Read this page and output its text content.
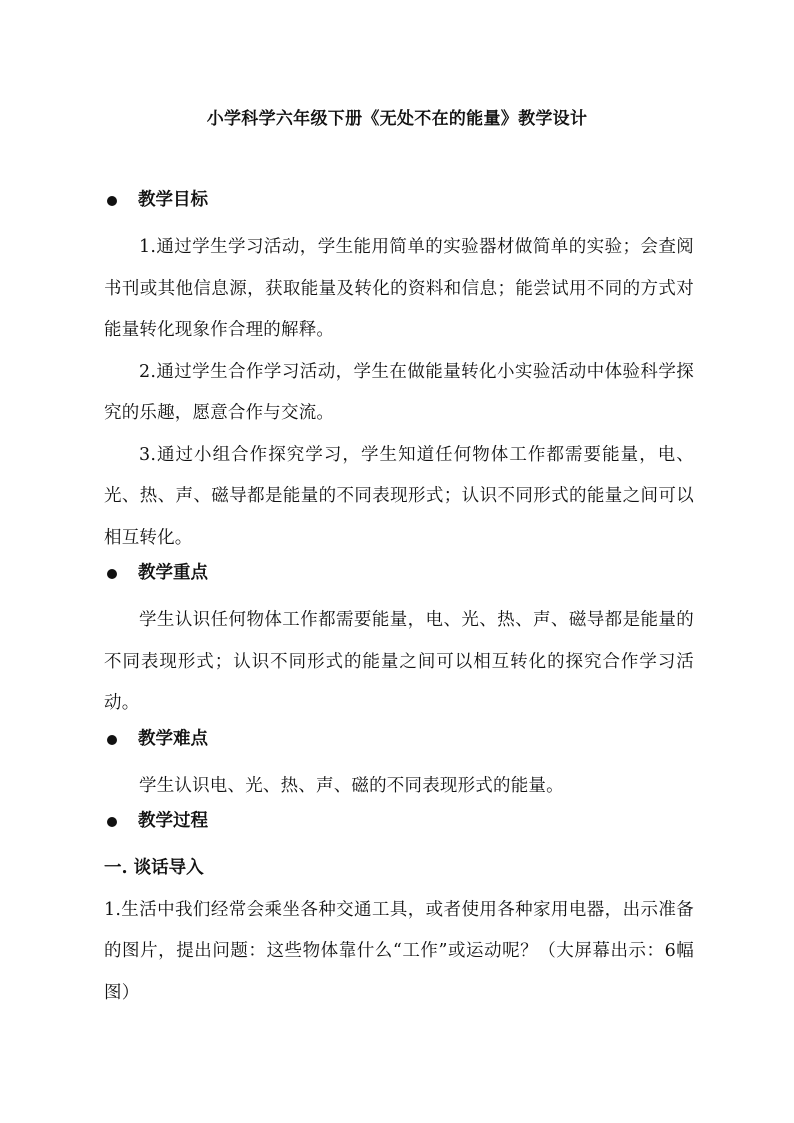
小学科学六年级下册《无处不在的能量》教学设计
教学目标

1.通过学生学习活动，学生能用简单的实验器材做简单的实验；会查阅书刊或其他信息源，获取能量及转化的资料和信息；能尝试用不同的方式对能量转化现象作合理的解释。

2.通过学生合作学习活动，学生在做能量转化小实验活动中体验科学探究的乐趣，愿意合作与交流。

3.通过小组合作探究学习，学生知道任何物体工作都需要能量，电、光、热、声、磁导都是能量的不同表现形式；认识不同形式的能量之间可以相互转化。

教学重点

学生认识任何物体工作都需要能量，电、光、热、声、磁导都是能量的不同表现形式；认识不同形式的能量之间可以相互转化的探究合作学习活动。

教学难点

学生认识电、光、热、声、磁的不同表现形式的能量。

教学过程

一. 谈话导入

1.生活中我们经常会乘坐各种交通工具，或者使用各种家用电器，出示准备的图片，提出问题：这些物体靠什么“工作”或运动呢？（大屏幕出示：6幅图）
